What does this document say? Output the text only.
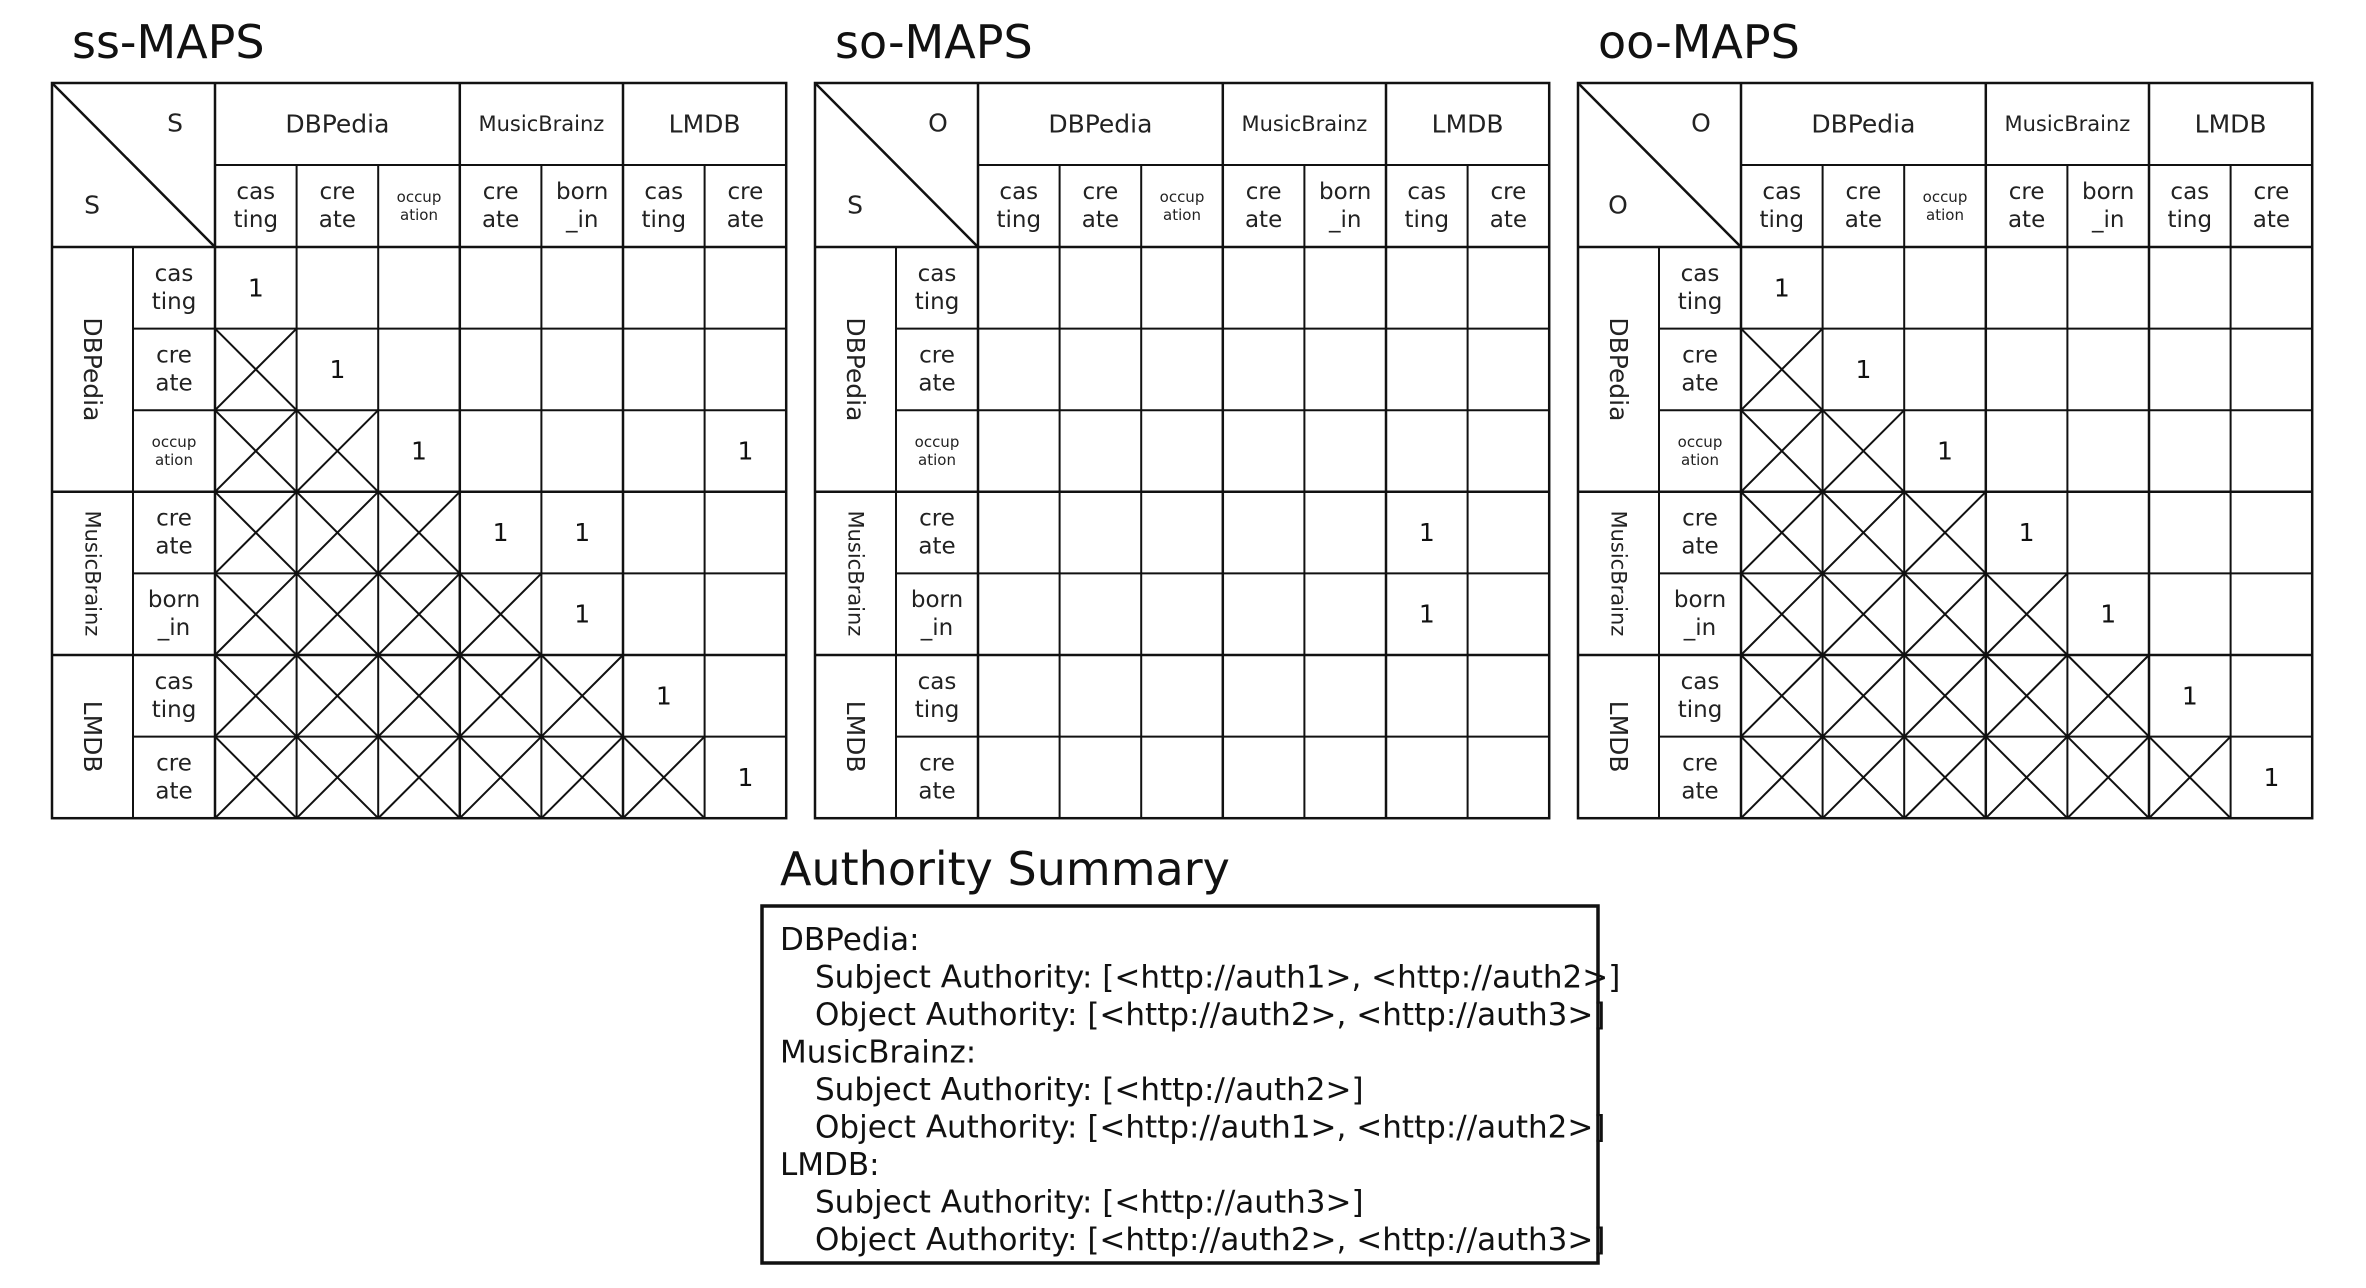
ss-MAPS
S
S
DBPedia
cas ting
cre ate
occup ation
MusicBrainz
cre ate
born _in
LMDB
cas ting
cre ate
DBPedia
cas ting
cre ate
occup ation
MusicBrainz cre ate
born _in
LMDB
cas ting
cre ate
1
1
1	1
1	1
1
1
1
so-MAPS
O
S
DBPedia
cas ting
cre ate
occup ation
MusicBrainz
cre ate
born _in
LMDB
cas ting
cre ate
DBPedia
cas ting
cre ate
occup ation
MusicBrainz cre ate
born _in
LMDB
cas ting
cre ate
1
1
oo-MAPS
O
O
DBPedia
cas ting
cre ate
occup ation
MusicBrainz
cre ate
born _in
LMDB
cas ting
cre ate
DBPedia
cas ting
cre ate
occup ation
MusicBrainz cre ate
born _in
LMDB
cas ting
cre ate
1
1
1
1
1
1
1
Authority Summary
DBPedia:
Subject Authority: [<http://auth1>, <http://auth2>]
Object Authority: [<http://auth2>, <http://auth3>]
MusicBrainz:
Subject Authority: [<http://auth2>]
Object Authority: [<http://auth1>, <http://auth2>]
LMDB:
Subject Authority: [<http://auth3>]
Object Authority: [<http://auth2>, <http://auth3>]
